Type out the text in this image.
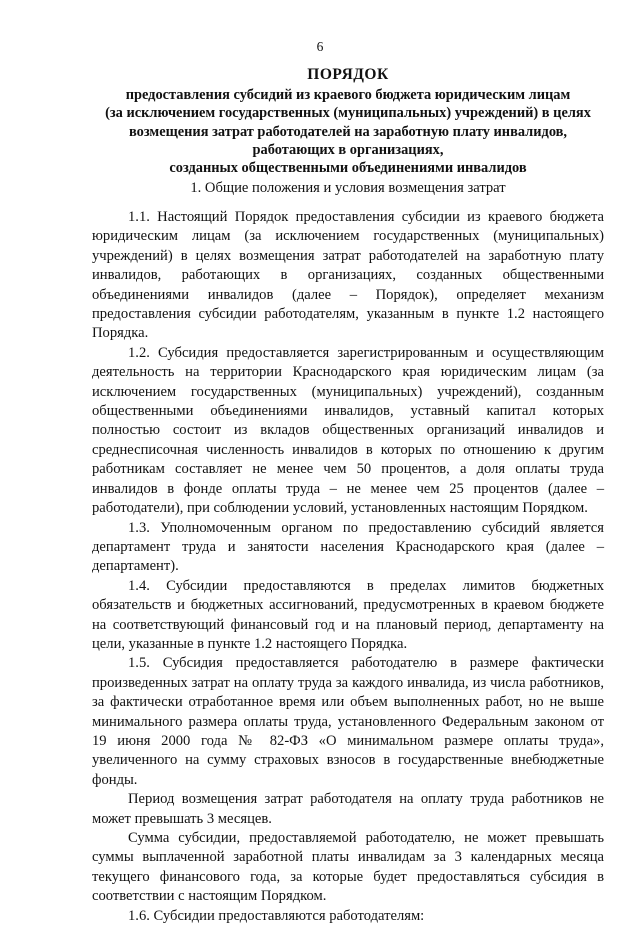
6
ПОРЯДОК
предоставления субсидий из краевого бюджета юридическим лицам
(за исключением государственных (муниципальных) учреждений) в целях
возмещения затрат работодателей на заработную плату инвалидов,
работающих в организациях,
созданных общественными объединениями инвалидов
1. Общие положения и условия возмещения затрат

1.1. Настоящий Порядок предоставления субсидии из краевого бюджета юридическим лицам (за исключением государственных (муниципальных) учреждений) в целях возмещения затрат работодателей на заработную плату инвалидов, работающих в организациях, созданных общественными объединениями инвалидов (далее – Порядок), определяет механизм предоставления субсидии работодателям, указанным в пункте 1.2 настоящего Порядка.

1.2. Субсидия предоставляется зарегистрированным и осуществляющим деятельность на территории Краснодарского края юридическим лицам (за исключением государственных (муниципальных) учреждений), созданным общественными объединениями инвалидов, уставный капитал которых полностью состоит из вкладов общественных организаций инвалидов и среднесписочная численность инвалидов в которых по отношению к другим работникам составляет не менее чем 50 процентов, а доля оплаты труда инвалидов в фонде оплаты труда – не менее чем 25 процентов (далее – работодатели), при соблюдении условий, установленных настоящим Порядком.

1.3. Уполномоченным органом по предоставлению субсидий является департамент труда и занятости населения Краснодарского края (далее – департамент).

1.4. Субсидии предоставляются в пределах лимитов бюджетных обязательств и бюджетных ассигнований, предусмотренных в краевом бюджете на соответствующий финансовый год и на плановый период, департаменту на цели, указанные в пункте 1.2 настоящего Порядка.

1.5. Субсидия предоставляется работодателю в размере фактически произведенных затрат на оплату труда за каждого инвалида, из числа работников, за фактически отработанное время или объем выполненных работ, но не выше минимального размера оплаты труда, установленного Федеральным законом от 19 июня 2000 года № 82-ФЗ «О минимальном размере оплаты труда», увеличенного на сумму страховых взносов в государственные внебюджетные фонды.

Период возмещения затрат работодателя на оплату труда работников не может превышать 3 месяцев.

Сумма субсидии, предоставляемой работодателю, не может превышать суммы выплаченной заработной платы инвалидам за 3 календарных месяца текущего финансового года, за которые будет предоставляться субсидия в соответствии с настоящим Порядком.

1.6. Субсидии предоставляются работодателям:
